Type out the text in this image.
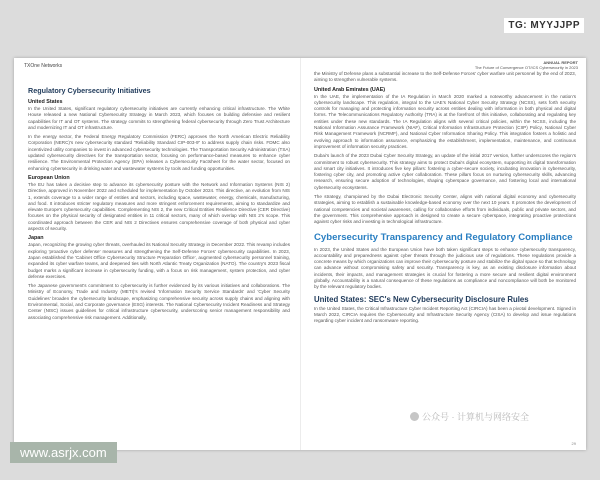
TXOne Networks
Regulatory Cybersecurity Initiatives
United States

In the United States, significant regulatory cybersecurity initiatives are currently enhancing critical infrastructure. The White House released a new National Cybersecurity Strategy in March 2023, which focuses on building defensive and resilient capabilities for IT and OT systems. The strategy commits to strengthening federal cybersecurity through Zero Trust Architecture and modernizing IT and OT infrastructure.

In the energy sector, the Federal Energy Regulatory Commission (FERC) approves the North American Electric Reliability Corporation (NERC)'s new cybersecurity standard "Reliability Standard CIP-003-9" to address supply chain risks. FDMC also incentivized utility companies to invest in advanced cybersecurity technologies. The Transportation Security Administration (TSA) updated cybersecurity directives for the transportation sector, focusing on performance-based measures to enhance cyber resilience. The Environmental Protection Agency (EPA) releases a Cybersecurity Factsheet for the water sector, focused on enhancing cybersecurity in drinking water and wastewater systems by tools and funding opportunities.

European Union

The EU has taken a decisive step to advance its cybersecurity posture with the Network and Information Systems (NIS 2) Directive, approved in November 2022 and scheduled for implementation by October 2024. This directive, an evolution from NIS 1, extends coverage to a wider range of entities and sectors, including space, wastewater, energy, chemicals, manufacturing, and food. It introduces stricter regulatory measures and more stringent enforcement requirements, aiming to standardize and elevate Europe's cybersecurity capabilities. Complementing NIS 2, the new Critical Entities Resilience Directive (CER Directive) focuses on the physical security of designated entities in 11 critical sectors, many of which overlap with NIS 2's scope. This coordinated approach between the CER and NIS 2 Directives ensures comprehensive coverage of both physical and cyber aspects of security.

Japan

Japan, recognizing the growing cyber threats, overhauled its National Security Strategy in December 2022. This revamp includes exploring 'proactive cyber defense' measures and strengthening the Self-Defense Forces' cybersecurity capabilities. In 2023, Japan established the 'Cabinet Office Cybersecurity Structure Preparation Office', augmented cybersecurity personnel training, expanded its cyber warfare teams, and deepened ties with North Atlantic Treaty Organization (NATO). The country's 2023 fiscal budget marks a significant increase in cybersecurity funding, with a focus on risk management, system protection, and cyber defense exercises.

The Japanese government's commitment to cybersecurity is further evidenced by its various initiatives and collaborations. The Ministry of Economy, Trade and Industry (METI)'s revised 'Information Security Service Standards' and 'Cyber Security Guidelines' broaden the cybersecurity landscape, emphasizing comprehensive security across supply chains and aligning with Environmental, Social, and Corporate governance (ESG) interests. The National Cybersecurity Incident Readiness and Strategy Center (NISC) issues guidelines for critical infrastructure cybersecurity, underscoring senior management responsibility and associating comprehensive risk management. Additionally,

ANNUAL REPORT
The Future of Convergence OT/ICS Cybersecurity in 2023

the Ministry of Defense plans a substantial increase to the Self-Defense Forces' cyber warfare unit personnel by the end of 2023, aiming to strengthen vulnerable systems.

United Arab Emirates (UAE)

In the UAE, the implementation of the IA Regulation in March 2020 marked a noteworthy advancement in the nation's cybersecurity landscape. This regulation, integral to the UAE's National Cyber Security Strategy (NCSS), sets forth security controls for managing and protecting information security across entities dealing with information in both physical and digital forms. The Telecommunications Regulatory Authority (TRA) is at the forefront of this initiative, collaborating and regulating key entities under these new standards. The IA Regulation aligns with several critical policies, within the NCSS, including the National Information Assurance Framework (NIAF), Critical Information Infrastructure Protection (CIIP) Policy, National Cyber Risk Management Framework (NCRMF), and National Cyber Information Sharing Policy. This integration fosters a holistic and evolving approach to information assurance, emphasizing the establishment, implementation, maintenance, and continuous improvement of information security practices.

Dubai's launch of the 2023 Dubai Cyber Security Strategy, an update of the initial 2017 version, further underscores the region's commitment to robust cybersecurity. This strategy aims to protect Dubai's digital ecosystem, supporting its digital transformation and smart city initiatives. It introduces five key pillars: fostering a cyber-secure society, incubating innovation in cybersecurity, fostering cyber city, and promoting active cyber collaboration. These pillars focus on nurturing cybersecurity skills, advancing research, ensuring secure adoption of technologies, shaping cyberspace governance, and fostering local and international cybersecurity ecosystems.

The strategy, championed by the Dubai Electronic Security Center, aligns with national digital economy and cybersecurity strategies, aiming to establish a sustainable knowledge-based economy over the next 10 years. It promotes the development of national competencies and societal awareness, calling for collaborative efforts from individuals, public and private sectors, and the government. This comprehensive approach is designed to create a secure cyberspace, integrating proactive protections against cyber risks and investing in technological infrastructure.

Cybersecurity Transparency and Regulatory Compliance

In 2023, the United States and the European Union have both taken significant steps to enhance cybersecurity transparency, accountability and preparedness against cyber threats through the judicious use of regulations. These regulations provide a concrete means by which organizations can improve their cybersecurity posture and stabilize the digital space so that technology can advance without compromising safety and security. Transparency is key, as an existing disclosure information about incidents, their impacts, and management strategies is crucial for fostering a more secure and resilient digital environment globally. Accountability is a natural consequence of these regulations as compliance and noncompliance will both be monitored by the relevant regulatory bodies.

United States: SEC's New Cybersecurity Disclosure Rules

In the United States, the Critical Infrastructure Cyber Incident Reporting Act (CIRCIA) has been a pivotal development. Signed in March 2022, CIRCIA requires the Cybersecurity and Infrastructure Security Agency (CISA) to develop and issue regulations regarding cyber incident and ransomware reporting.

29
TG: MYYJJPP
公众号 · 计算机与网络安全
www.asrjx.com
